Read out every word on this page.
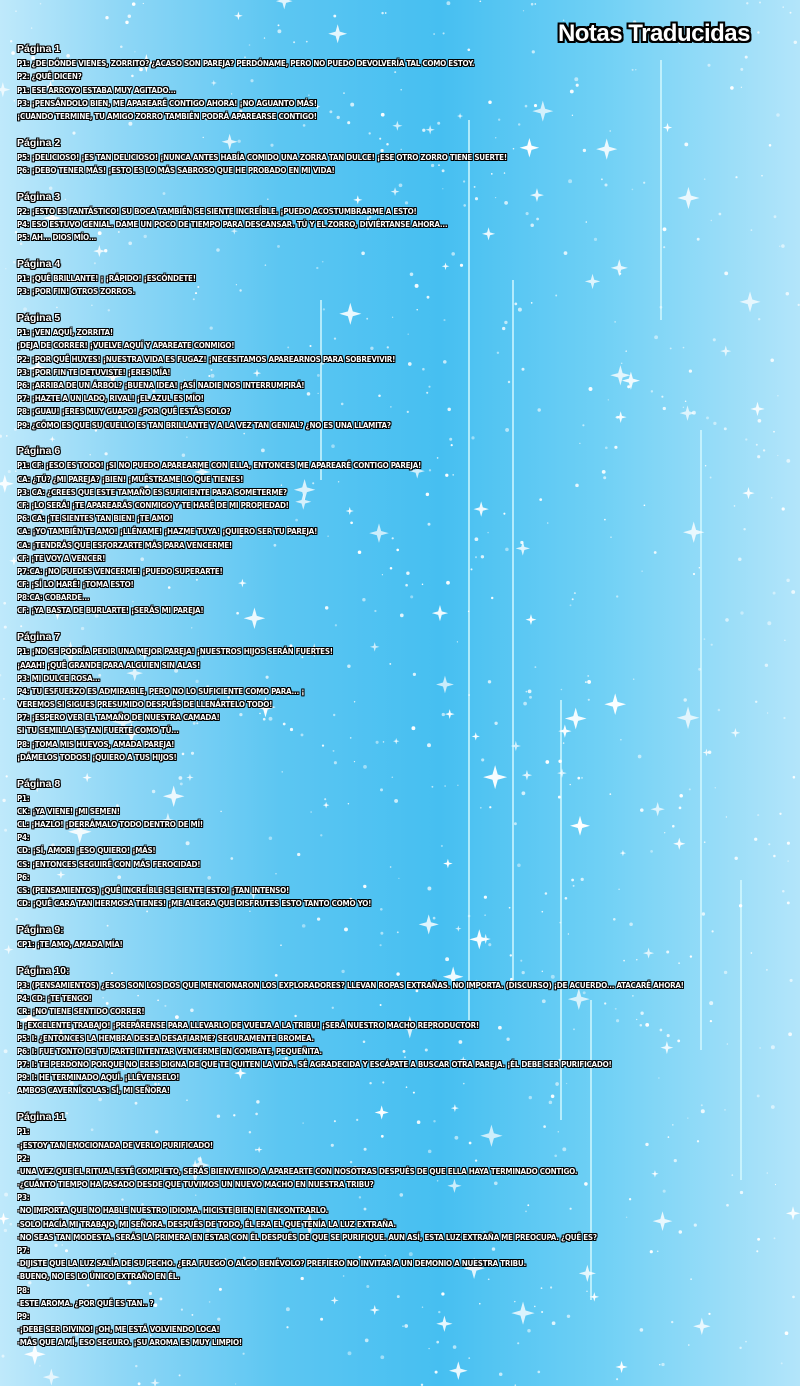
Notas Traducidas
Página 1
P1: ¿DE DÓNDE VIENES, ZORRITO? ¿ACASO SON PAREJA? PERDÓNAME, PERO NO PUEDO DEVOLVERÍA TAL COMO ESTOY.
P2: ¿QUÉ DICEN?
P1: ESE ARROYO ESTABA MUY AGITADO...
P3: ¡PENSÁNDOLO BIEN, ME APAREARÉ CONTIGO AHORA! ¡NO AGUANTO MÁS!
¡CUANDO TERMINE, TU AMIGO ZORRO TAMBIÉN PODRÁ APAREARSE CONTIGO!
Página 2
P5: ¡DELICIOSO! ¡ES TAN DELICIOSO! ¡NUNCA ANTES HABÍA COMIDO UNA ZORRA TAN DULCE! ¡ESE OTRO ZORRO TIENE SUERTE!
P6: ¡DEBO TENER MÁS! ¡ESTO ES LO MÁS SABROSO QUE HE PROBADO EN MI VIDA!
Página 3
P2: ¡ESTO ES FANTÁSTICO! SU BOCA TAMBIÉN SE SIENTE INCREÍBLE. ¡PUEDO ACOSTUMBRARME A ESTO!
P4: ESO ESTUVO GENIAL. DAME UN POCO DE TIEMPO PARA DESCANSAR. TÚ Y EL ZORRO, DIVIÉRTANSE AHORA...
P5: AH... DIOS MÍO...
Página 4
P1: ¡QUÉ BRILLANTE! ¡ ¡RÁPIDO! ¡ESCÓNDETE!
P3: ¡POR FIN! OTROS ZORROS.
Página 5
P1: ¡VEN AQUÍ, ZORRITA!
¡DEJA DE CORRER! ¡VUELVE AQUÍ Y APAREATE CONMIGO!
P2: ¡POR QUÉ HUYES! ¡NUESTRA VIDA ES FUGAZ! ¡NECESITAMOS APAREARNOS PARA SOBREVIVIR!
P3: ¡POR FIN TE DETUVISTE! ¡ERES MÍA!
P6: ¡ARRIBA DE UN ÁRBOL? ¡BUENA IDEA! ¡ASÍ NADIE NOS INTERRUMPIRÁ!
P7: ¡HAZTE A UN LADO, RIVAL! ¡EL AZUL ES MÍO!
P8: ¡GUAU! ¡ERES MUY GUAPO! ¿POR QUÉ ESTÁS SOLO?
P9: ¿CÓMO ES QUE SU CUELLO ES TAN BRILLANTE Y A LA VEZ TAN GENIAL? ¿NO ES UNA LLAMITA?
Página 6
P1: CF: ¡ESO ES TODO! ¡SI NO PUEDO APAREARME CON ELLA, ENTONCES ME APAREARÉ CONTIGO PAREJA!
CA: ¿TÚ? ¿MI PAREJA? ¡BIEN! ¡MUÉSTRAME LO QUE TIENES!
P3: CA: ¿CREES QUE ESTE TAMAÑO ES SUFICIENTE PARA SOMETERME?
CF: ¡LO SERÁ! ¡TE APAREARÁS CONMIGO Y TE HARÉ DE MI PROPIEDAD!
P6: CA: ¡TE SIENTES TAN BIEN! ¡TE AMO!
CA: ¡YO TAMBIÉN TE AMO! ¡LLÉNAME! ¡HAZME TUYA! ¡QUIERO SER TU PAREJA!
CA: ¡TENDRÁS QUE ESFORZARTE MÁS PARA VENCERME!
CF: ¡TE VOY A VENCER!
P7:CA: ¡NO PUEDES VENCERME! ¡PUEDO SUPERARTE!
CF: ¡SÍ LO HARÉ! ¡TOMA ESTO!
P8:CA: COBARDE...
CF: ¡YA BASTA DE BURLARTE! ¡SERÁS MI PAREJA!
Página 7
P1: ¡NO SE PODRÍA PEDIR UNA MEJOR PAREJA! ¡NUESTROS HIJOS SERÁN FUERTES!
¡AAAH! ¡QUÉ GRANDE PARA ALGUIEN SIN ALAS!
P3: MI DULCE ROSA...
P4: TU ESFUERZO ES ADMIRABLE, PERO NO LO SUFICIENTE COMO PARA... ¡
VEREMOS SI SIGUES PRESUMIDO DESPUÉS DE LLENÁRTELO TODO!
P7: ¡ESPERO VER EL TAMAÑO DE NUESTRA CAMADA!
SI TU SEMILLA ES TAN FUERTE COMO TÚ...
P8: ¡TOMA MIS HUEVOS, AMADA PAREJA!
¡DÁMELOS TODOS! ¡QUIERO A TUS HIJOS!
Página 8
P1:
CK: ¡YA VIENE! ¡MI SEMEN!
CL: ¡HAZLO! ¡DERRÁMALO TODO DENTRO DE MÍ!
P4:
CD: ¡SÍ, AMOR! ¡ESO QUIERO! ¡MÁS!
CS: ¡ENTONCES SEGUIRÉ CON MÁS FEROCIDAD!
P6:
CS: (PENSAMIENTOS) ¡QUÉ INCREÍBLE SE SIENTE ESTO! ¡TAN INTENSO!
CD: ¡QUÉ CARA TAN HERMOSA TIENES! ¡ME ALEGRA QUE DISFRUTES ESTO TANTO COMO YO!
Página 9:
CP1: ¡TE AMO, AMADA MÍA!
Página 10:
P3: (PENSAMIENTOS) ¿ESOS SON LOS DOS QUE MENCIONARON LOS EXPLORADORES? LLEVAN ROPAS EXTRAÑAS. NO IMPORTA. (DISCURSO) ¡DE ACUERDO... ATACARÉ AHORA!
P4: CD: ¡TE TENGO!
CR: ¡NO TIENE SENTIDO CORRER!
I: ¡EXCELENTE TRABAJO! ¡PREPÁRENSE PARA LLEVARLO DE VUELTA A LA TRIBU! ¡SERÁ NUESTRO MACHO REPRODUCTOR!
P5: I: ¿ENTONCES LA HEMBRA DESEA DESAFIARME? SEGURAMENTE BROMEA.
P6: I: FUE TONTO DE TU PARTE INTENTAR VENCERME EN COMBATE, PEQUEÑITA.
P7: I: TE PERDONO PORQUE NO ERES DIGNA DE QUE TE QUITEN LA VIDA. SÉ AGRADECIDA Y ESCÁPATE A BUSCAR OTRA PAREJA. ¡ÉL DEBE SER PURIFICADO!
P9: I: HE TERMINADO AQUÍ. ¡LLÉVENSELO!
AMBOS CAVERNÍCOLAS: SÍ, MI SEÑORA!
Página 11
P1:
-¡ESTOY TAN EMOCIONADA DE VERLO PURIFICADO!
P2:
-UNA VEZ QUE EL RITUAL ESTÉ COMPLETO, SERÁS BIENVENIDO A APAREARTE CON NOSOTRAS DESPUÉS DE QUE ELLA HAYA TERMINADO CONTIGO.
-¿CUÁNTO TIEMPO HA PASADO DESDE QUE TUVIMOS UN NUEVO MACHO EN NUESTRA TRIBU?
P3:
-NO IMPORTA QUE NO HABLE NUESTRO IDIOMA. HICISTE BIEN EN ENCONTRARLO.
-SOLO HACÍA MI TRABAJO, MI SEÑORA. DESPUÉS DE TODO, ÉL ERA EL QUE TENÍA LA LUZ EXTRAÑA.
-NO SEAS TAN MODESTA. SERÁS LA PRIMERA EN ESTAR CON ÉL DESPUÉS DE QUE SE PURIFIQUE. AUN ASÍ, ESTA LUZ EXTRAÑA ME PREOCUPA. ¿QUÉ ES?
P7:
-DIJISTE QUE LA LUZ SALÍA DE SU PECHO. ¿ERA FUEGO O ALGO BENÉVOLO? PREFIERO NO INVITAR A UN DEMONIO A NUESTRA TRIBU.
-BUENO, NO ES LO ÚNICO EXTRAÑO EN ÉL.
P8:
-ESTE AROMA. ¿POR QUÉ ES TAN.. ?
P9:
-¡DEBE SER DIVINO! ¡OH, ME ESTÁ VOLVIENDO LOCA!
-MÁS QUE A MÍ, ESO SEGURO. ¡SU AROMA ES MUY LIMPIO!
